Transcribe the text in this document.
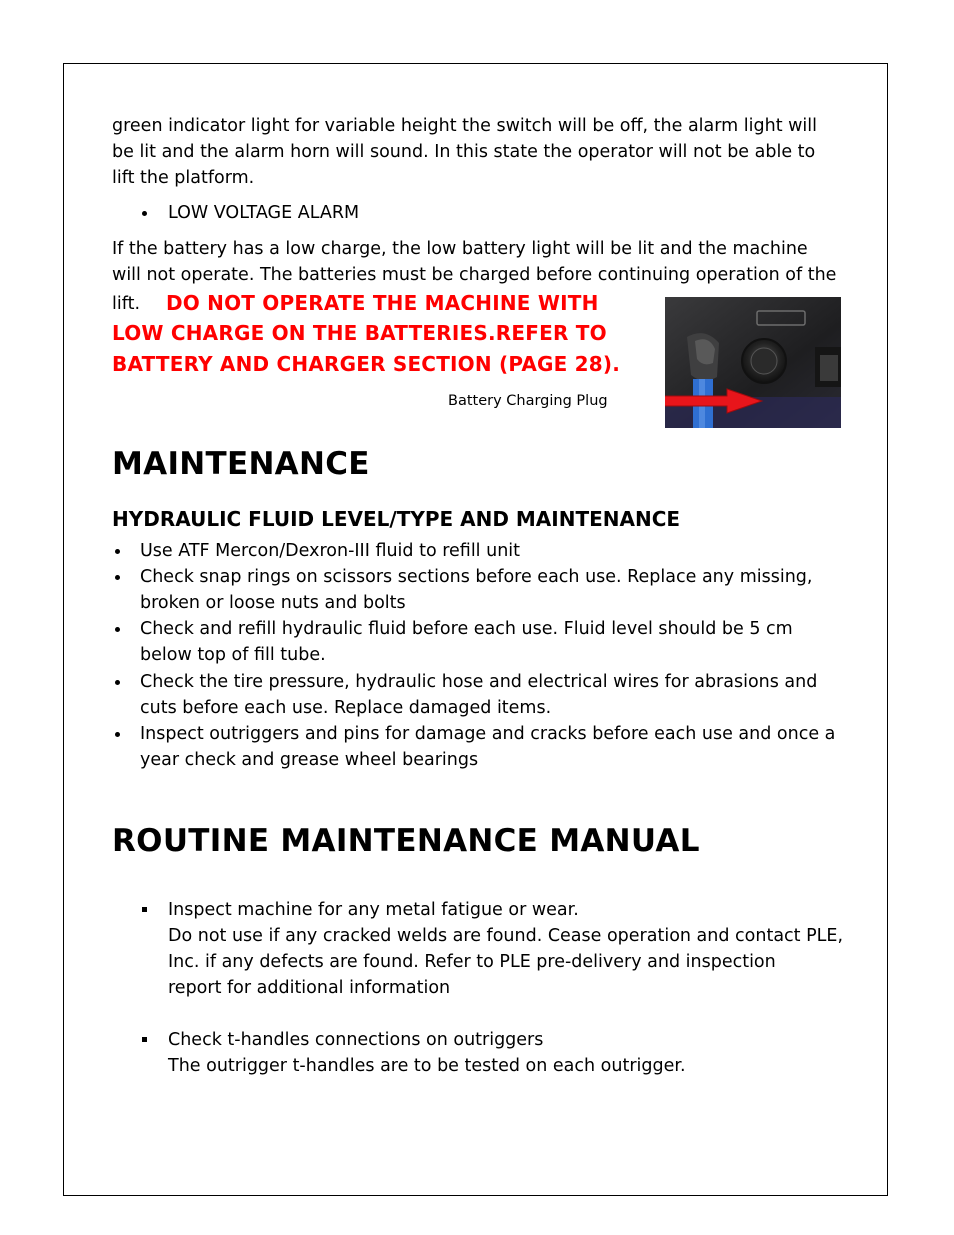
green indicator light for variable height the switch will be off, the alarm light will
be lit and the alarm horn will sound. In this state the operator will not be able to
lift the platform.
LOW VOLTAGE ALARM
If the battery has a low charge, the low battery light will be lit and the machine
will not operate. The batteries must be charged before continuing operation of the
lift. DO NOT OPERATE THE MACHINE WITH
LOW CHARGE ON THE BATTERIES.REFER TO
BATTERY AND CHARGER SECTION (PAGE 28).
Battery Charging Plug
MAINTENANCE
HYDRAULIC FLUID LEVEL/TYPE AND MAINTENANCE
Use ATF Mercon/Dexron-III fluid to refill unit
Check snap rings on scissors sections before each use. Replace any missing,
broken or loose nuts and bolts
Check and refill hydraulic fluid before each use. Fluid level should be 5 cm
below top of fill tube.
Check the tire pressure, hydraulic hose and electrical wires for abrasions and
cuts before each use. Replace damaged items.
Inspect outriggers and pins for damage and cracks before each use and once a
year check and grease wheel bearings
ROUTINE MAINTENANCE MANUAL
Inspect machine for any metal fatigue or wear.
Do not use if any cracked welds are found. Cease operation and contact PLE,
Inc. if any defects are found. Refer to PLE pre-delivery and inspection
report for additional information
Check t-handles connections on outriggers
The outrigger t-handles are to be tested on each outrigger.
